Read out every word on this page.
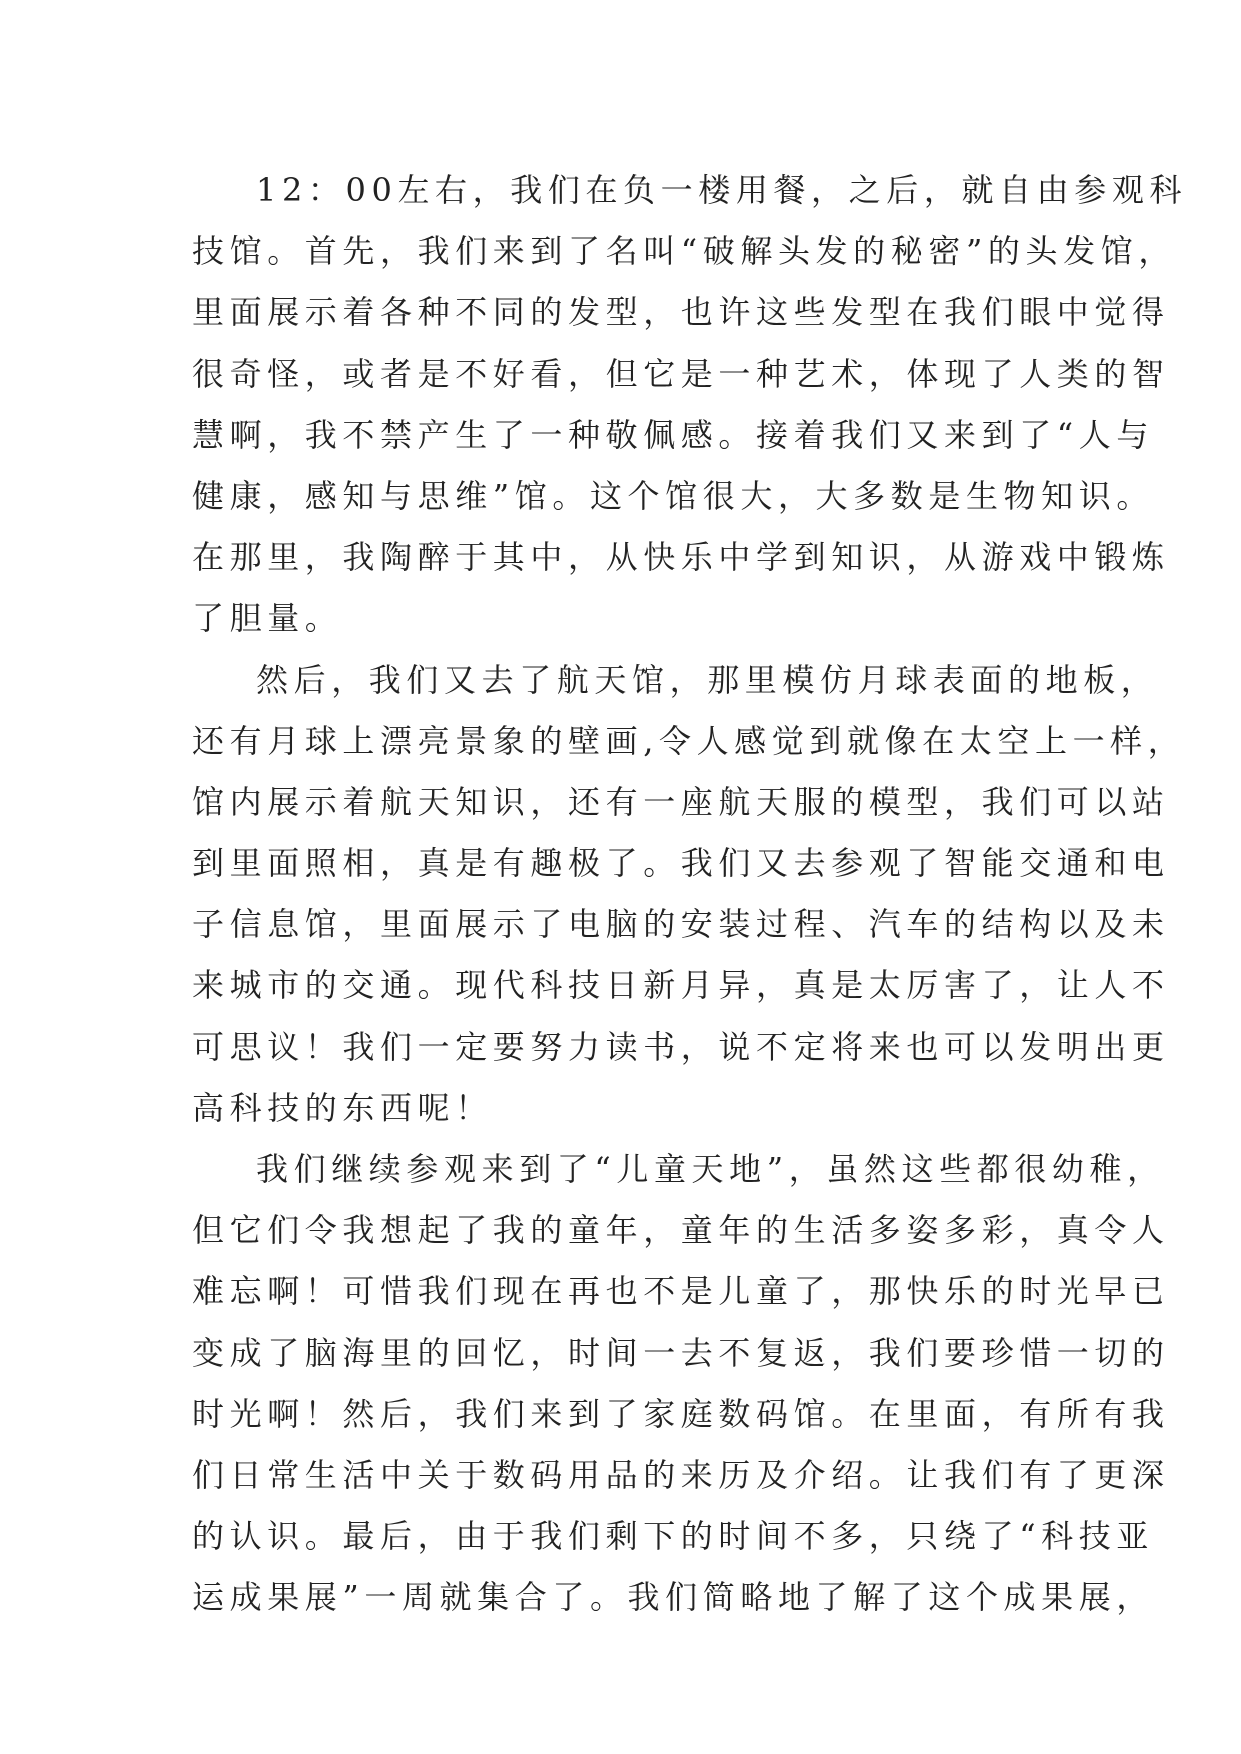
12：00左右，我们在负一楼用餐，之后，就自由参观科
技馆。首先，我们来到了名叫“破解头发的秘密”的头发馆，
里面展示着各种不同的发型，也许这些发型在我们眼中觉得
很奇怪，或者是不好看，但它是一种艺术，体现了人类的智
慧啊，我不禁产生了一种敬佩感。接着我们又来到了“人与
健康，感知与思维”馆。这个馆很大，大多数是生物知识。
在那里，我陶醉于其中，从快乐中学到知识，从游戏中锻炼
了胆量。
然后，我们又去了航天馆，那里模仿月球表面的地板，
还有月球上漂亮景象的壁画,令人感觉到就像在太空上一样，
馆内展示着航天知识，还有一座航天服的模型，我们可以站
到里面照相，真是有趣极了。我们又去参观了智能交通和电
子信息馆，里面展示了电脑的安装过程、汽车的结构以及未
来城市的交通。现代科技日新月异，真是太厉害了，让人不
可思议！我们一定要努力读书，说不定将来也可以发明出更
高科技的东西呢！
我们继续参观来到了“儿童天地”，虽然这些都很幼稚，
但它们令我想起了我的童年，童年的生活多姿多彩，真令人
难忘啊！可惜我们现在再也不是儿童了，那快乐的时光早已
变成了脑海里的回忆，时间一去不复返，我们要珍惜一切的
时光啊！然后，我们来到了家庭数码馆。在里面，有所有我
们日常生活中关于数码用品的来历及介绍。让我们有了更深
的认识。最后，由于我们剩下的时间不多，只绕了“科技亚
运成果展”一周就集合了。我们简略地了解了这个成果展，
